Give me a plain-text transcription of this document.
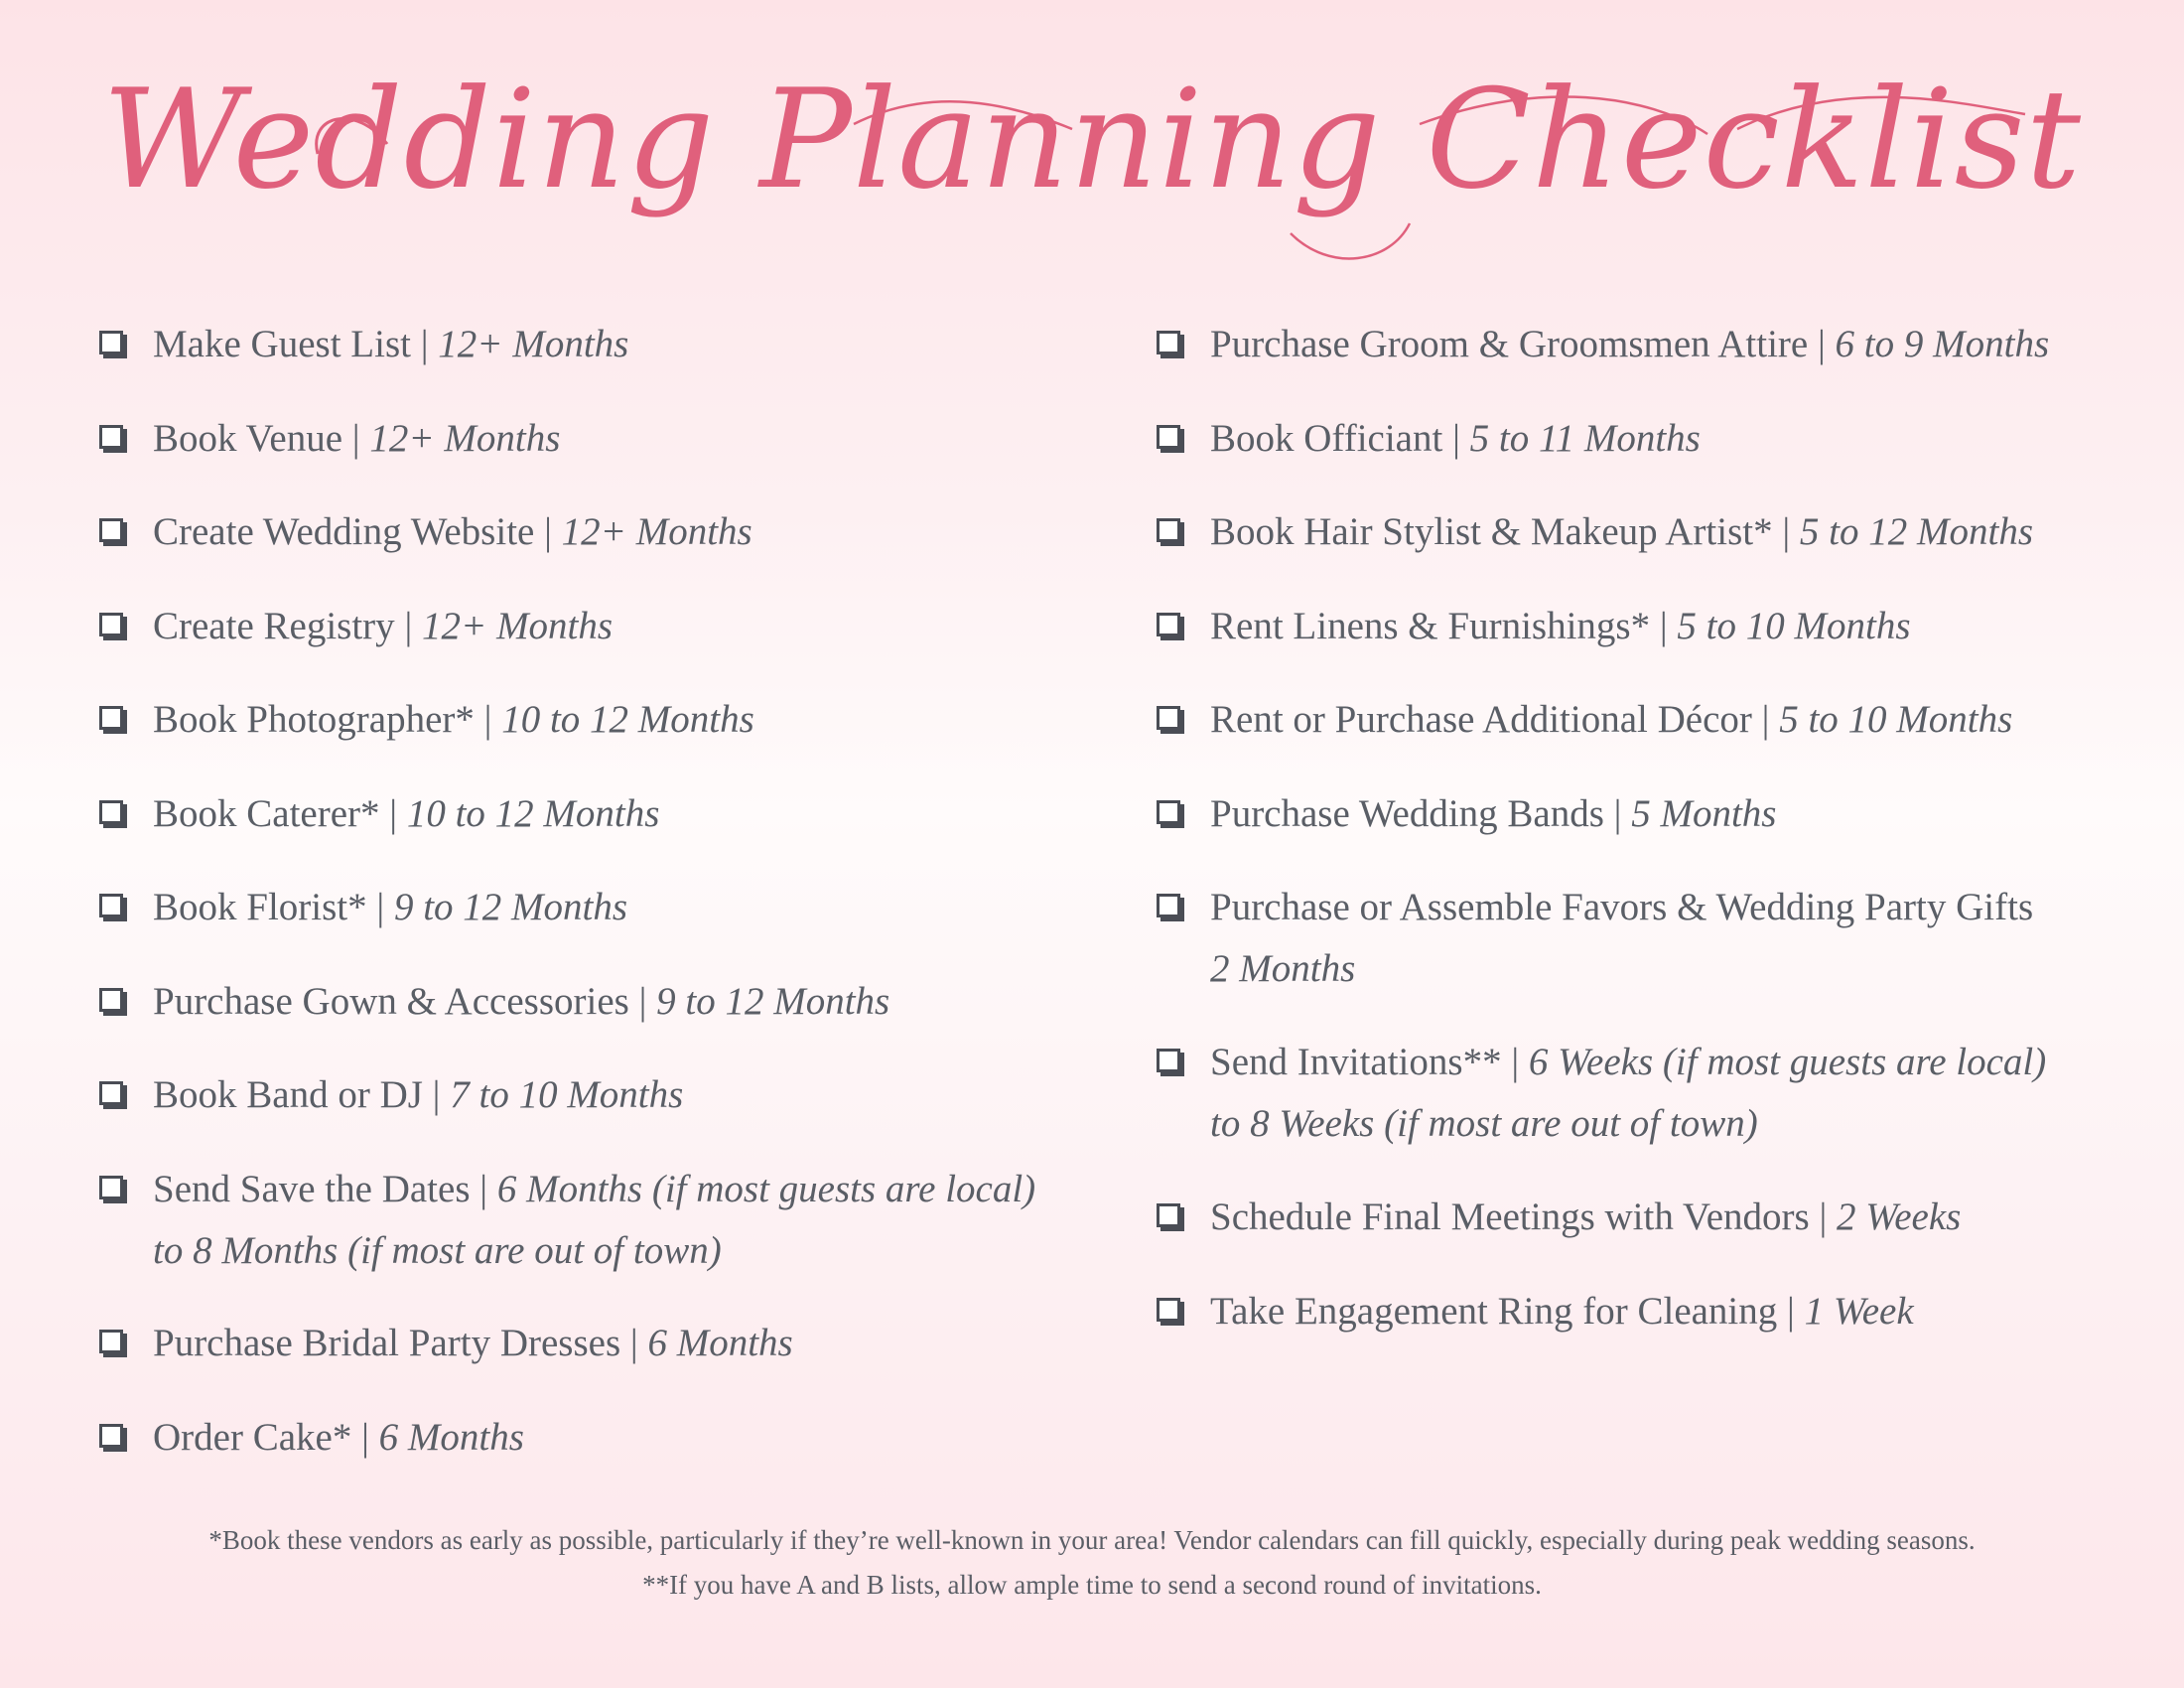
Wedding Planning Checklist
Make Guest List | 12+ Months
Book Venue | 12+ Months
Create Wedding Website | 12+ Months
Create Registry | 12+ Months
Book Photographer* | 10 to 12 Months
Book Caterer* | 10 to 12 Months
Book Florist* | 9 to 12 Months
Purchase Gown & Accessories | 9 to 12 Months
Book Band or DJ | 7 to 10 Months
Send Save the Dates | 6 Months (if most guests are local)
to 8 Months (if most are out of town)
Purchase Bridal Party Dresses | 6 Months
Order Cake* | 6 Months
Purchase Groom & Groomsmen Attire | 6 to 9 Months
Book Officiant | 5 to 11 Months
Book Hair Stylist & Makeup Artist* | 5 to 12 Months
Rent Linens & Furnishings* | 5 to 10 Months
Rent or Purchase Additional Décor | 5 to 10 Months
Purchase Wedding Bands | 5 Months
Purchase or Assemble Favors & Wedding Party Gifts
2 Months
Send Invitations** | 6 Weeks (if most guests are local)
to 8 Weeks (if most are out of town)
Schedule Final Meetings with Vendors | 2 Weeks
Take Engagement Ring for Cleaning | 1 Week
*Book these vendors as early as possible, particularly if they’re well-known in your area! Vendor calendars can fill quickly, especially during peak wedding seasons.
**If you have A and B lists, allow ample time to send a second round of invitations.
